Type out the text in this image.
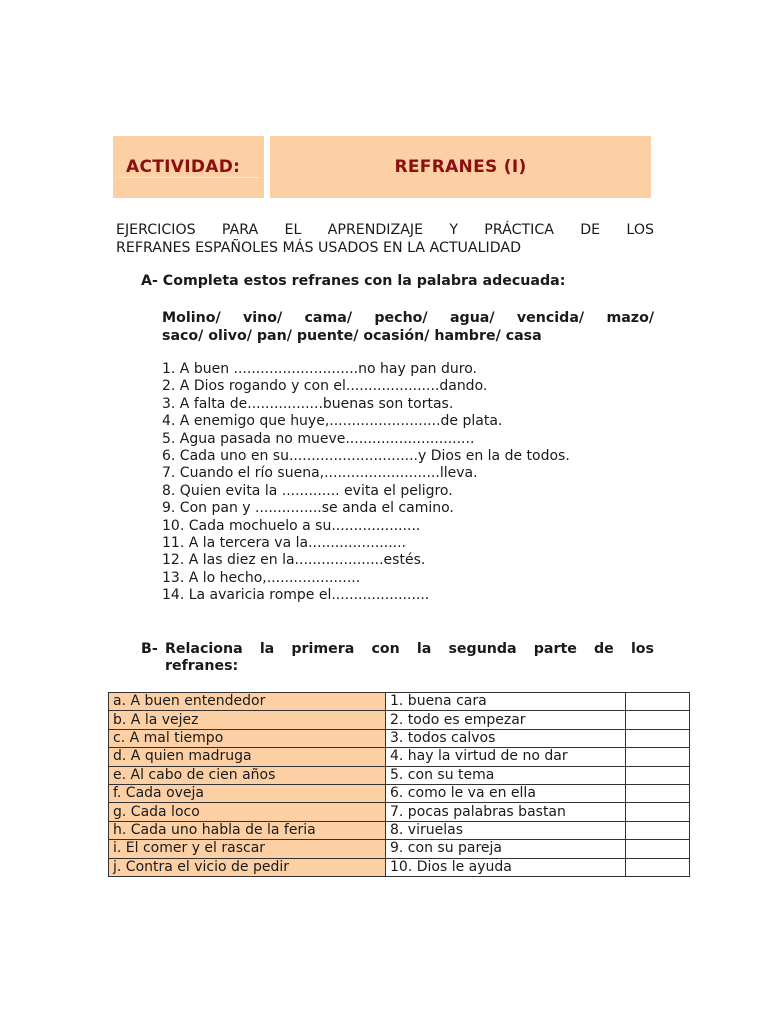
ACTIVIDAD:	REFRANES (I)
EJERCICIOS PARA EL APRENDIZAJE Y PRÁCTICA DE LOS
REFRANES ESPAÑOLES MÁS USADOS EN LA ACTUALIDAD
A- Completa estos refranes con la palabra adecuada:
Molino/ vino/ cama/ pecho/ agua/ vencida/ mazo/
saco/ olivo/ pan/ puente/ ocasión/ hambre/ casa
1. A buen ............................no hay pan duro.
2. A Dios rogando y con el.....................dando.
3. A falta de.................buenas son tortas.
4. A enemigo que huye,.........................de plata.
5. Agua pasada no mueve.............................
6. Cada uno en su.............................y Dios en la de todos.
7. Cuando el río suena,..........................lleva.
8. Quien evita la ............. evita el peligro.
9. Con pan y ...............se anda el camino.
10. Cada mochuelo a su....................
11. A la tercera va la......................
12. A las diez en la....................estés.
13. A lo hecho,.....................
14. La avaricia rompe el......................
B- Relaciona la primera con la segunda parte de los
refranes:
a. A buen entendedor	1. buena cara	
b. A la vejez	2. todo es empezar	
c. A mal tiempo	3. todos calvos	
d. A quien madruga	4. hay la virtud de no dar	
e. Al cabo de cien años	5. con su tema	
f. Cada oveja	6. como le va en ella	
g. Cada loco	7. pocas palabras bastan	
h. Cada uno habla de la feria	8. viruelas	
i. El comer y el rascar	9. con su pareja	
j. Contra el vicio de pedir	10. Dios le ayuda	
